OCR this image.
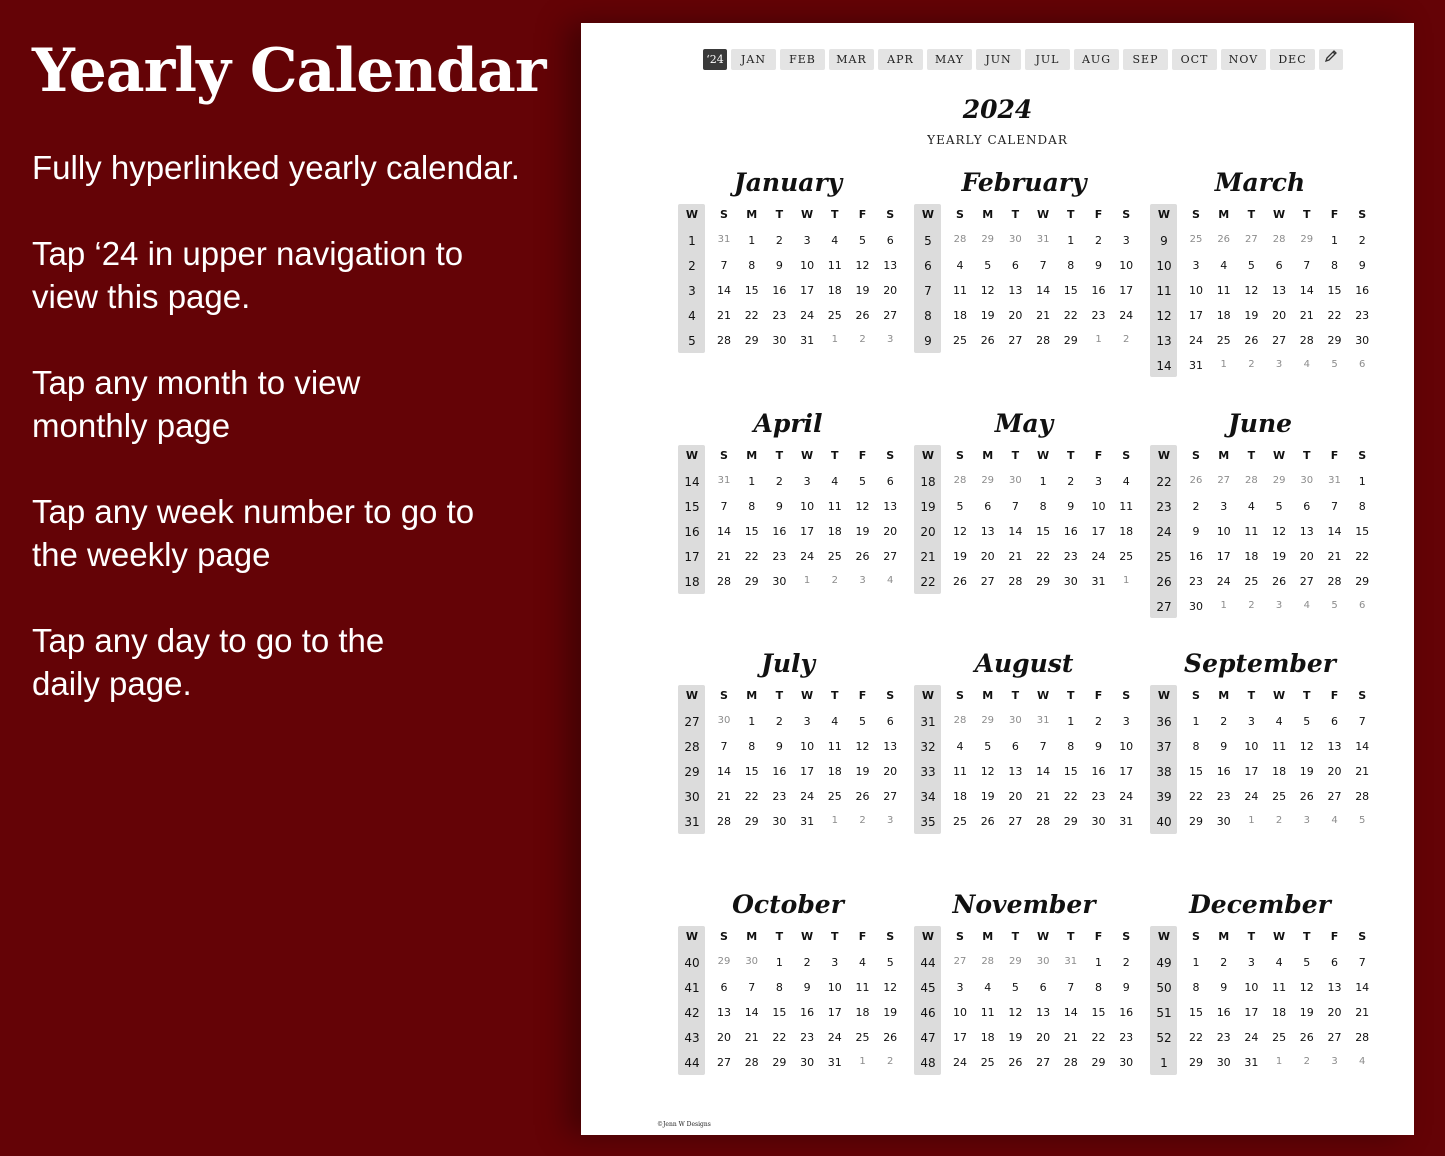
Yearly Calendar

Fully hyperlinked yearly calendar.

Tap ‘24 in upper navigation to
view this page.

Tap any month to view
monthly page

Tap any week number to go to
the weekly page

Tap any day to go to the
daily page.

‘24	JAN	FEB	MAR	APR	MAY	JUN	JUL	AUG	SEP	OCT	NOV	DEC
2024
YEARLY CALENDAR
January
W	S	M	T	W	T	F	S
1	31	1	2	3	4	5	6
2	7	8	9	10	11	12	13
3	14	15	16	17	18	19	20
4	21	22	23	24	25	26	27
5	28	29	30	31	1	2	3
February
W	S	M	T	W	T	F	S
5	28	29	30	31	1	2	3
6	4	5	6	7	8	9	10
7	11	12	13	14	15	16	17
8	18	19	20	21	22	23	24
9	25	26	27	28	29	1	2
March
W	S	M	T	W	T	F	S
9	25	26	27	28	29	1	2
10	3	4	5	6	7	8	9
11	10	11	12	13	14	15	16
12	17	18	19	20	21	22	23
13	24	25	26	27	28	29	30
14	31	1	2	3	4	5	6
April
W	S	M	T	W	T	F	S
14	31	1	2	3	4	5	6
15	7	8	9	10	11	12	13
16	14	15	16	17	18	19	20
17	21	22	23	24	25	26	27
18	28	29	30	1	2	3	4
May
W	S	M	T	W	T	F	S
18	28	29	30	1	2	3	4
19	5	6	7	8	9	10	11
20	12	13	14	15	16	17	18
21	19	20	21	22	23	24	25
22	26	27	28	29	30	31	1
June
W	S	M	T	W	T	F	S
22	26	27	28	29	30	31	1
23	2	3	4	5	6	7	8
24	9	10	11	12	13	14	15
25	16	17	18	19	20	21	22
26	23	24	25	26	27	28	29
27	30	1	2	3	4	5	6
July
W	S	M	T	W	T	F	S
27	30	1	2	3	4	5	6
28	7	8	9	10	11	12	13
29	14	15	16	17	18	19	20
30	21	22	23	24	25	26	27
31	28	29	30	31	1	2	3
August
W	S	M	T	W	T	F	S
31	28	29	30	31	1	2	3
32	4	5	6	7	8	9	10
33	11	12	13	14	15	16	17
34	18	19	20	21	22	23	24
35	25	26	27	28	29	30	31
September
W	S	M	T	W	T	F	S
36	1	2	3	4	5	6	7
37	8	9	10	11	12	13	14
38	15	16	17	18	19	20	21
39	22	23	24	25	26	27	28
40	29	30	1	2	3	4	5
October
W	S	M	T	W	T	F	S
40	29	30	1	2	3	4	5
41	6	7	8	9	10	11	12
42	13	14	15	16	17	18	19
43	20	21	22	23	24	25	26
44	27	28	29	30	31	1	2
November
W	S	M	T	W	T	F	S
44	27	28	29	30	31	1	2
45	3	4	5	6	7	8	9
46	10	11	12	13	14	15	16
47	17	18	19	20	21	22	23
48	24	25	26	27	28	29	30
December
W	S	M	T	W	T	F	S
49	1	2	3	4	5	6	7
50	8	9	10	11	12	13	14
51	15	16	17	18	19	20	21
52	22	23	24	25	26	27	28
1	29	30	31	1	2	3	4
©Jenn W Designs
